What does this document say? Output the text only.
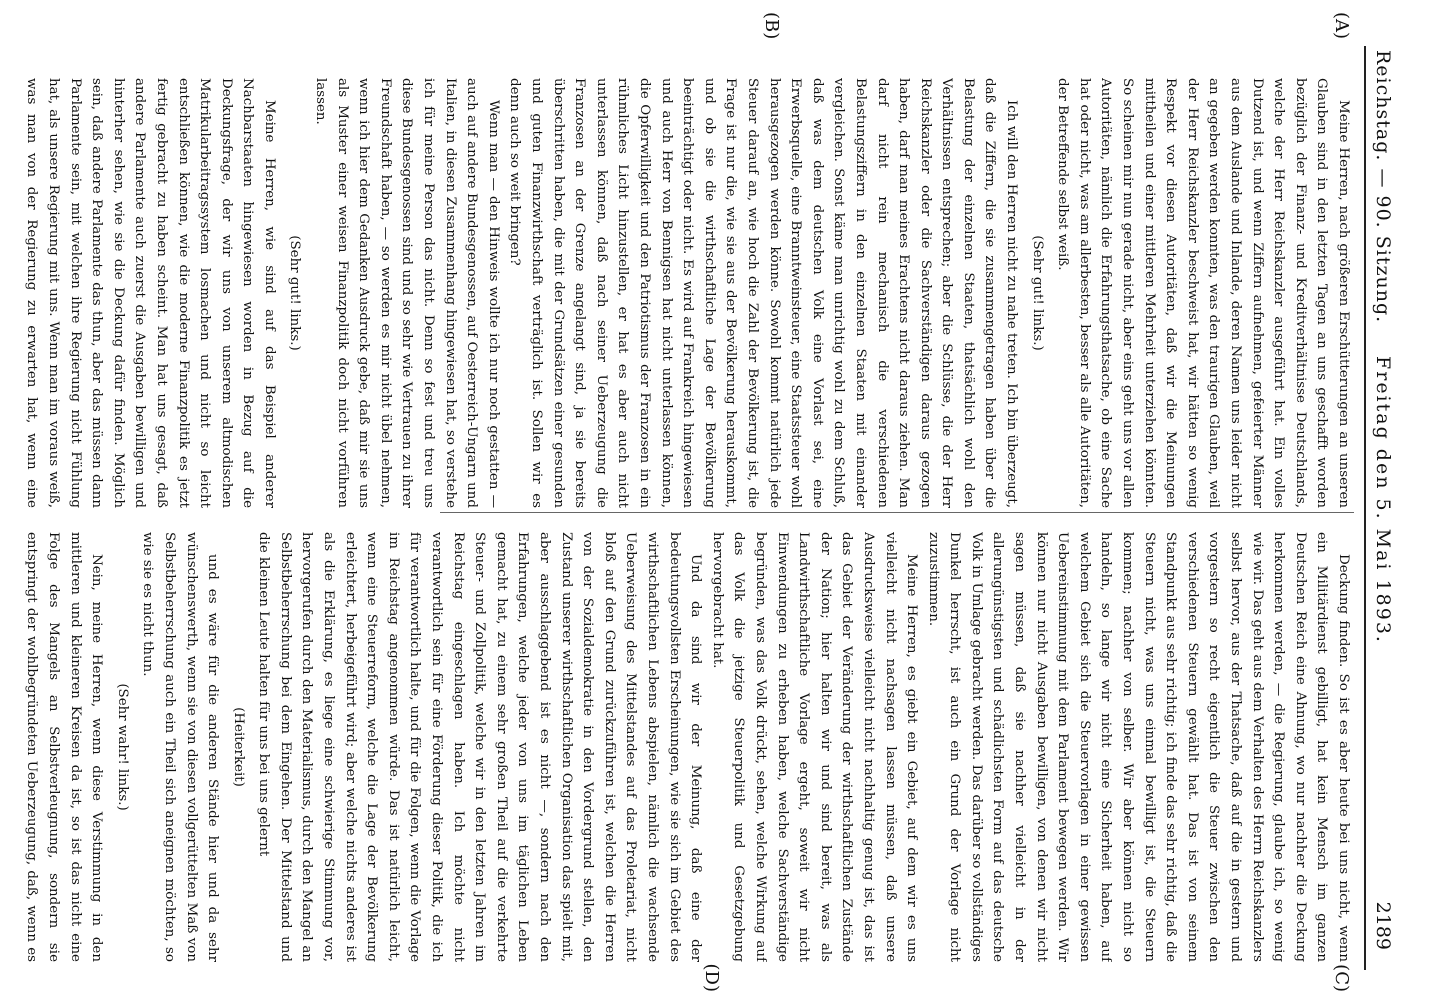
Reichstag. — 90. Sitzung.
Freitag den 5. Mai 1893.
2189
(A)
(B)
(C)
(D)

Meine Herren, nach größeren Erschütterungen an unseren Glauben sind in den letzten Tagen an uns geschafft worden bezüglich der Finanz- und Kreditverhältnisse Deutschlands, welche der Herr Reichskanzler ausgeführt hat. Ein volles Dutzend ist, und wenn Ziffern aufnehmen, gefeierter Männer aus dem Auslande und Inlande, deren Namen uns leider nicht an gegeben werden konnten, was den traurigen Glauben, weil der Herr Reichskanzler beschweist hat, wir hätten so wenig Respekt vor diesen Autoritäten, daß wir die Meinungen mittheilen und einer mittleren Mehrheit unterziehen könnten. So scheinen mir nun gerade nicht, aber eins geht uns vor allen Autoritäten, nämlich die Erfahrungsthatsache, ob eine Sache hat oder nicht, was am allerbesten, besser als alle Autoritäten, der Betreffende selbst weiß.

(Sehr gut! links.)

Ich will den Herren nicht zu nahe treten. Ich bin überzeugt, daß die Ziffern, die sie zusammengetragen haben über die Belastung der einzelnen Staaten, thatsächlich wohl den Verhältnissen entsprechen; aber die Schlüsse, die der Herr Reichskanzler oder die Sachverständigen daraus gezogen haben, darf man meines Erachtens nicht daraus ziehen. Man darf nicht rein mechanisch die verschiedenen Belastungsziffern in den einzelnen Staaten mit einander vergleichen. Sonst käme man unrichtig wohl zu dem Schluß, daß was dem deutschen Volk eine Vorlast sei, eine Erwerbsquelle, eine Branntweinsteuer, eine Staatssteuer wohl herausgezogen werden könne. Sowohl kommt natürlich jede Steuer darauf an, wie hoch die Zahl der Bevölkerung ist, die Frage ist nur die, wie sie aus der Bevölkerung herauskommt, und ob sie die wirthschaftliche Lage der Bevölkerung beeinträchtigt oder nicht. Es wird auf Frankreich hingewiesen und auch Herr von Bennigsen hat nicht unterlassen können, die Opferwilligkeit und den Patriotismus der Franzosen in ein rühmliches Licht hinzustellen, er hat es aber auch nicht unterlassen können, daß nach seiner Ueberzeugung die Franzosen an der Grenze angelangt sind, ja sie bereits überschritten haben, die mit der Grundsätzen einer gesunden und guten Finanzwirthschaft verträglich ist. Sollen wir es denn auch so weit bringen?

Wenn man — den Hinweis wollte ich nur noch gestatten — auch auf andere Bundesgenossen, auf Oesterreich-Ungarn und Italien, in diesen Zusammenhang hingewiesen hat, so verstehe ich für meine Person das nicht. Denn so fest und treu uns diese Bundesgenossen sind und so sehr wie Vertrauen zu ihrer Freundschaft haben, — so werden es mir nicht übel nehmen, wenn ich hier dem Gedanken Ausdruck gebe, daß mir sie uns als Muster einer weisen Finanzpolitik doch nicht vorführen lassen.

(Sehr gut! links.)

Meine Herren, wie sind auf das Beispiel anderer Nachbarstaaten hingewiesen worden in Bezug auf die Deckungsfrage, der wir uns von unserem altmodischen Matrikularbeitragssystem losmachen und nicht so leicht entschließen können, wie die moderne Finanzpolitik es jetzt fertig gebracht zu haben scheint. Man hat uns gesagt, daß andere Parlamente auch zuerst die Ausgaben bewilligen und hinterher sehen, wie sie die Deckung dafür finden. Möglich sein, daß andere Parlamente das thun, aber das müssen dann Parlamente sein, mit welchen ihre Regierung nicht Fühlung hat, als unsere Regierung mit uns. Wenn man im voraus weiß, was man von der Regierung zu erwarten hat, wenn eine

Deckung finden. So ist es aber heute bei uns nicht, wenn ein Militärdienst gebilligt, hat kein Mensch im ganzen Deutschen Reich eine Ahnung, wo nur nachher die Deckung herkommen werden, — die Regierung, glaube ich, so wenig wie wir. Das geht aus dem Verhalten des Herrn Reichskanzlers selbst hervor, aus der Thatsache, daß auf die in gestern und vorgestern so recht eigentlich die Steuer zwischen den verschiedenen Steuern gewählt hat. Das ist von seinem Standpunkt aus sehr richtig; ich finde das sehr richtig, daß die Steuern nicht, was uns einmal bewilligt ist, die Steuern kommen; nachher von selber. Wir aber können nicht so handeln, so lange wir nicht eine Sicherheit haben, auf welchem Gebiet sich die Steuervorlagen in einer gewissen Uebereinstimmung mit dem Parlament bewegen werden. Wir können nur nicht Ausgaben bewilligen, von denen wir nicht sagen müssen, daß sie nachher vielleicht in der allerungünstigsten und schädlichsten Form auf das deutsche Volk in Umlage gebracht werden. Das darüber so vollständiges Dunkel herrscht, ist auch ein Grund der Vorlage nicht zuzustimmen.

Meine Herren, es giebt ein Gebiet, auf dem wir es uns vielleicht nicht nachsagen lassen müssen, daß unsere Ausdrucksweise vielleicht nicht nachhaltig genug ist, das ist das Gebiet der Veränderung der wirthschaftlichen Zustände der Nation; hier halten wir und sind bereit, was als Landwirthschaftliche Vorlage ergeht, soweit wir nicht Einwendungen zu erheben haben, welche Sachverständige begründen, was das Volk drückt, sehen, welche Wirkung auf das Volk die jetzige Steuerpolitik und Gesetzgebung hervorgebracht hat.

Und da sind wir der Meinung, daß eine der bedeutungsvollsten Erscheinungen, wie sie sich im Gebiet des wirthschaftlichen Lebens abspielen, nämlich die wachsende Ueberweisung des Mittelstandes auf das Proletariat, nicht bloß auf den Grund zurückzuführen ist, welchen die Herren von der Sozialdemokratie in den Vordergrund stellen, den Zustand unserer wirthschaftlichen Organisation das spielt mit, aber ausschlaggebend ist es nicht —, sondern nach den Erfahrungen, welche jeder von uns im täglichen Leben gemacht hat, zu einem sehr großen Theil auf die verkehrte Steuer- und Zollpolitik, welche wir in den letzten Jahren im Reichstag eingeschlagen haben. Ich möchte nicht verantwortlich sein für eine Förderung dieser Politik, die ich für verantwortlich halte, und für die Folgen, wenn die Vorlage im Reichstag angenommen würde. Das ist natürlich leicht, wenn eine Steuerreform, welche die Lage der Bevölkerung erleichtert, herbeigeführt wird; aber welche nichts anderes ist als die Erklärung, es liege eine schwierige Stimmung vor, hervorgerufen durch den Materialismus, durch den Mangel an Selbstbeherrschung bei dem Eingehen. Der Mittelstand und die kleinen Leute halten für uns bei uns gelernt

(Heiterkeit)

und es wäre für die anderen Stände hier und da sehr wünschenswerth, wenn sie von diesen vollgerüttelten Maß von Selbstbeherrschung auch ein Theil sich aneignen möchten, so wie sie es nicht thun.

(Sehr wahr! links.)

Nein, meine Herren, wenn diese Verstimmung in den mittleren und kleineren Kreisen da ist, so ist das nicht eine Folge des Mangels an Selbstverleugnung, sondern sie entspringt der wohlbegründeten Ueberzeugung, daß, wenn es
